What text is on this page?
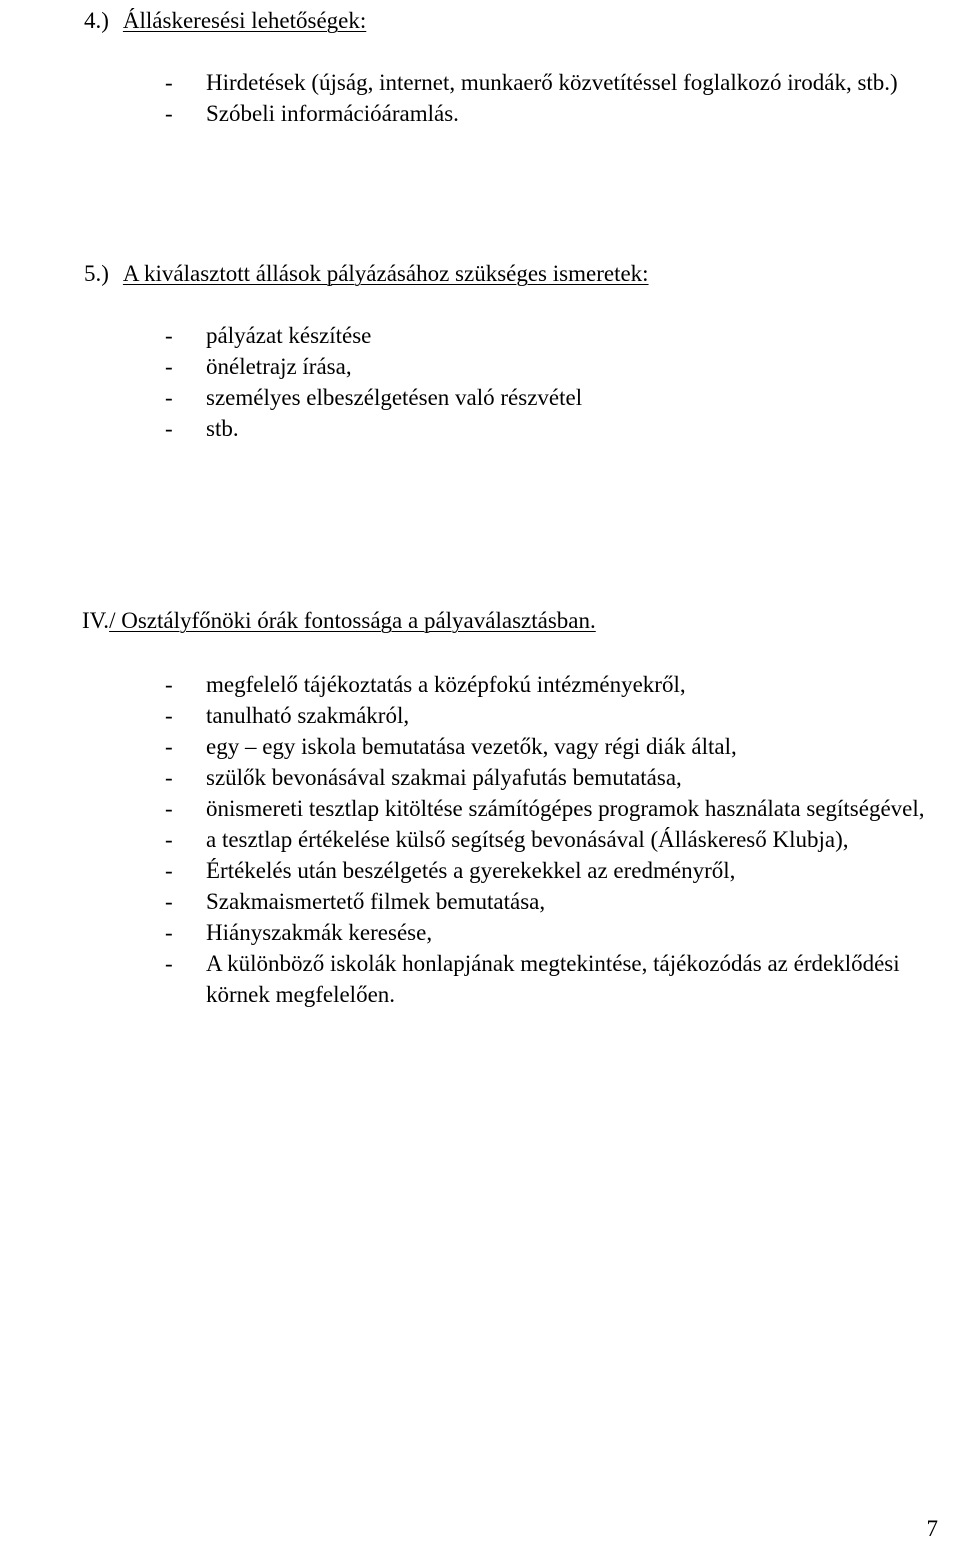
4.) Álláskeresési lehetőségek:
- Hirdetések (újság, internet, munkaerő közvetítéssel foglalkozó irodák, stb.)
- Szóbeli információáramlás.
5.) A kiválasztott állások pályázásához szükséges ismeretek:
- pályázat készítése
- önéletrajz írása,
- személyes elbeszélgetésen való részvétel
- stb.
IV./ Osztályfőnöki órák fontossága a pályaválasztásban.
- megfelelő tájékoztatás a középfokú intézményekről,
- tanulható szakmákról,
- egy – egy iskola bemutatása vezetők, vagy régi diák által,
- szülők bevonásával szakmai pályafutás bemutatása,
- önismereti tesztlap kitöltése számítógépes programok használata segítségével,
- a tesztlap értékelése külső segítség bevonásával (Álláskereső Klubja),
- Értékelés után beszélgetés a gyerekekkel az eredményről,
- Szakmaismertető filmek bemutatása,
- Hiányszakmák keresése,
- A különböző iskolák honlapjának megtekintése, tájékozódás az érdeklődési körnek megfelelően.
7
